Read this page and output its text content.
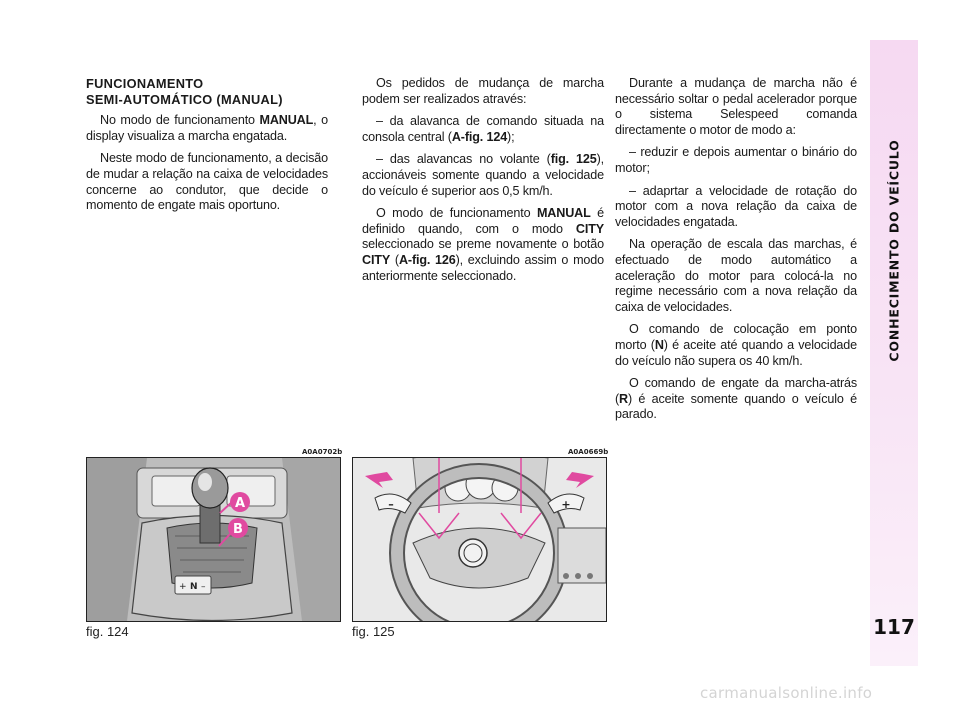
FUNCIONAMENTO
SEMI-AUTOMÁTICO (MANUAL)

No modo de funcionamento MANUAL, o display visualiza a marcha engatada.

Neste modo de funcionamento, a decisão de mudar a relação na caixa de velocidades concerne ao condutor, que decide o momento de engate mais oportuno.

Os pedidos de mudança de marcha podem ser realizados através:

– da alavanca de comando situada na consola central (A-fig. 124);

– das alavancas no volante (fig. 125), accionáveis somente quando a velocidade do veículo é superior aos 0,5 km/h.

O modo de funcionamento MANUAL é definido quando, com o modo CITY seleccionado se preme novamente o botão CITY (A-fig. 126), excluindo assim o modo anteriormente seleccionado.

Durante a mudança de marcha não é necessário soltar o pedal acelerador porque o sistema Selespeed comanda directamente o motor de modo a:

– reduzir e depois aumentar o binário do motor;

– adaprtar a velocidade de rotação do motor com a nova relação da caixa de velocidades engatada.

Na operação de escala das marchas, é efectuado de modo automático a aceleração do motor para colocá-la no regime necessário com a nova relação da caixa de velocidades.

O comando de colocação em ponto morto (N) é aceite até quando a velocidade do veículo não supera os 40 km/h.

O comando de engate da marcha-atrás (R) é aceite somente quando o veículo é parado.

CONHECIMENTO DO VEÍCULO
117
A0A0702b
+ N –
A
B
fig. 124
A0A0669b
–	+
fig. 125
carmanualsonline.info
